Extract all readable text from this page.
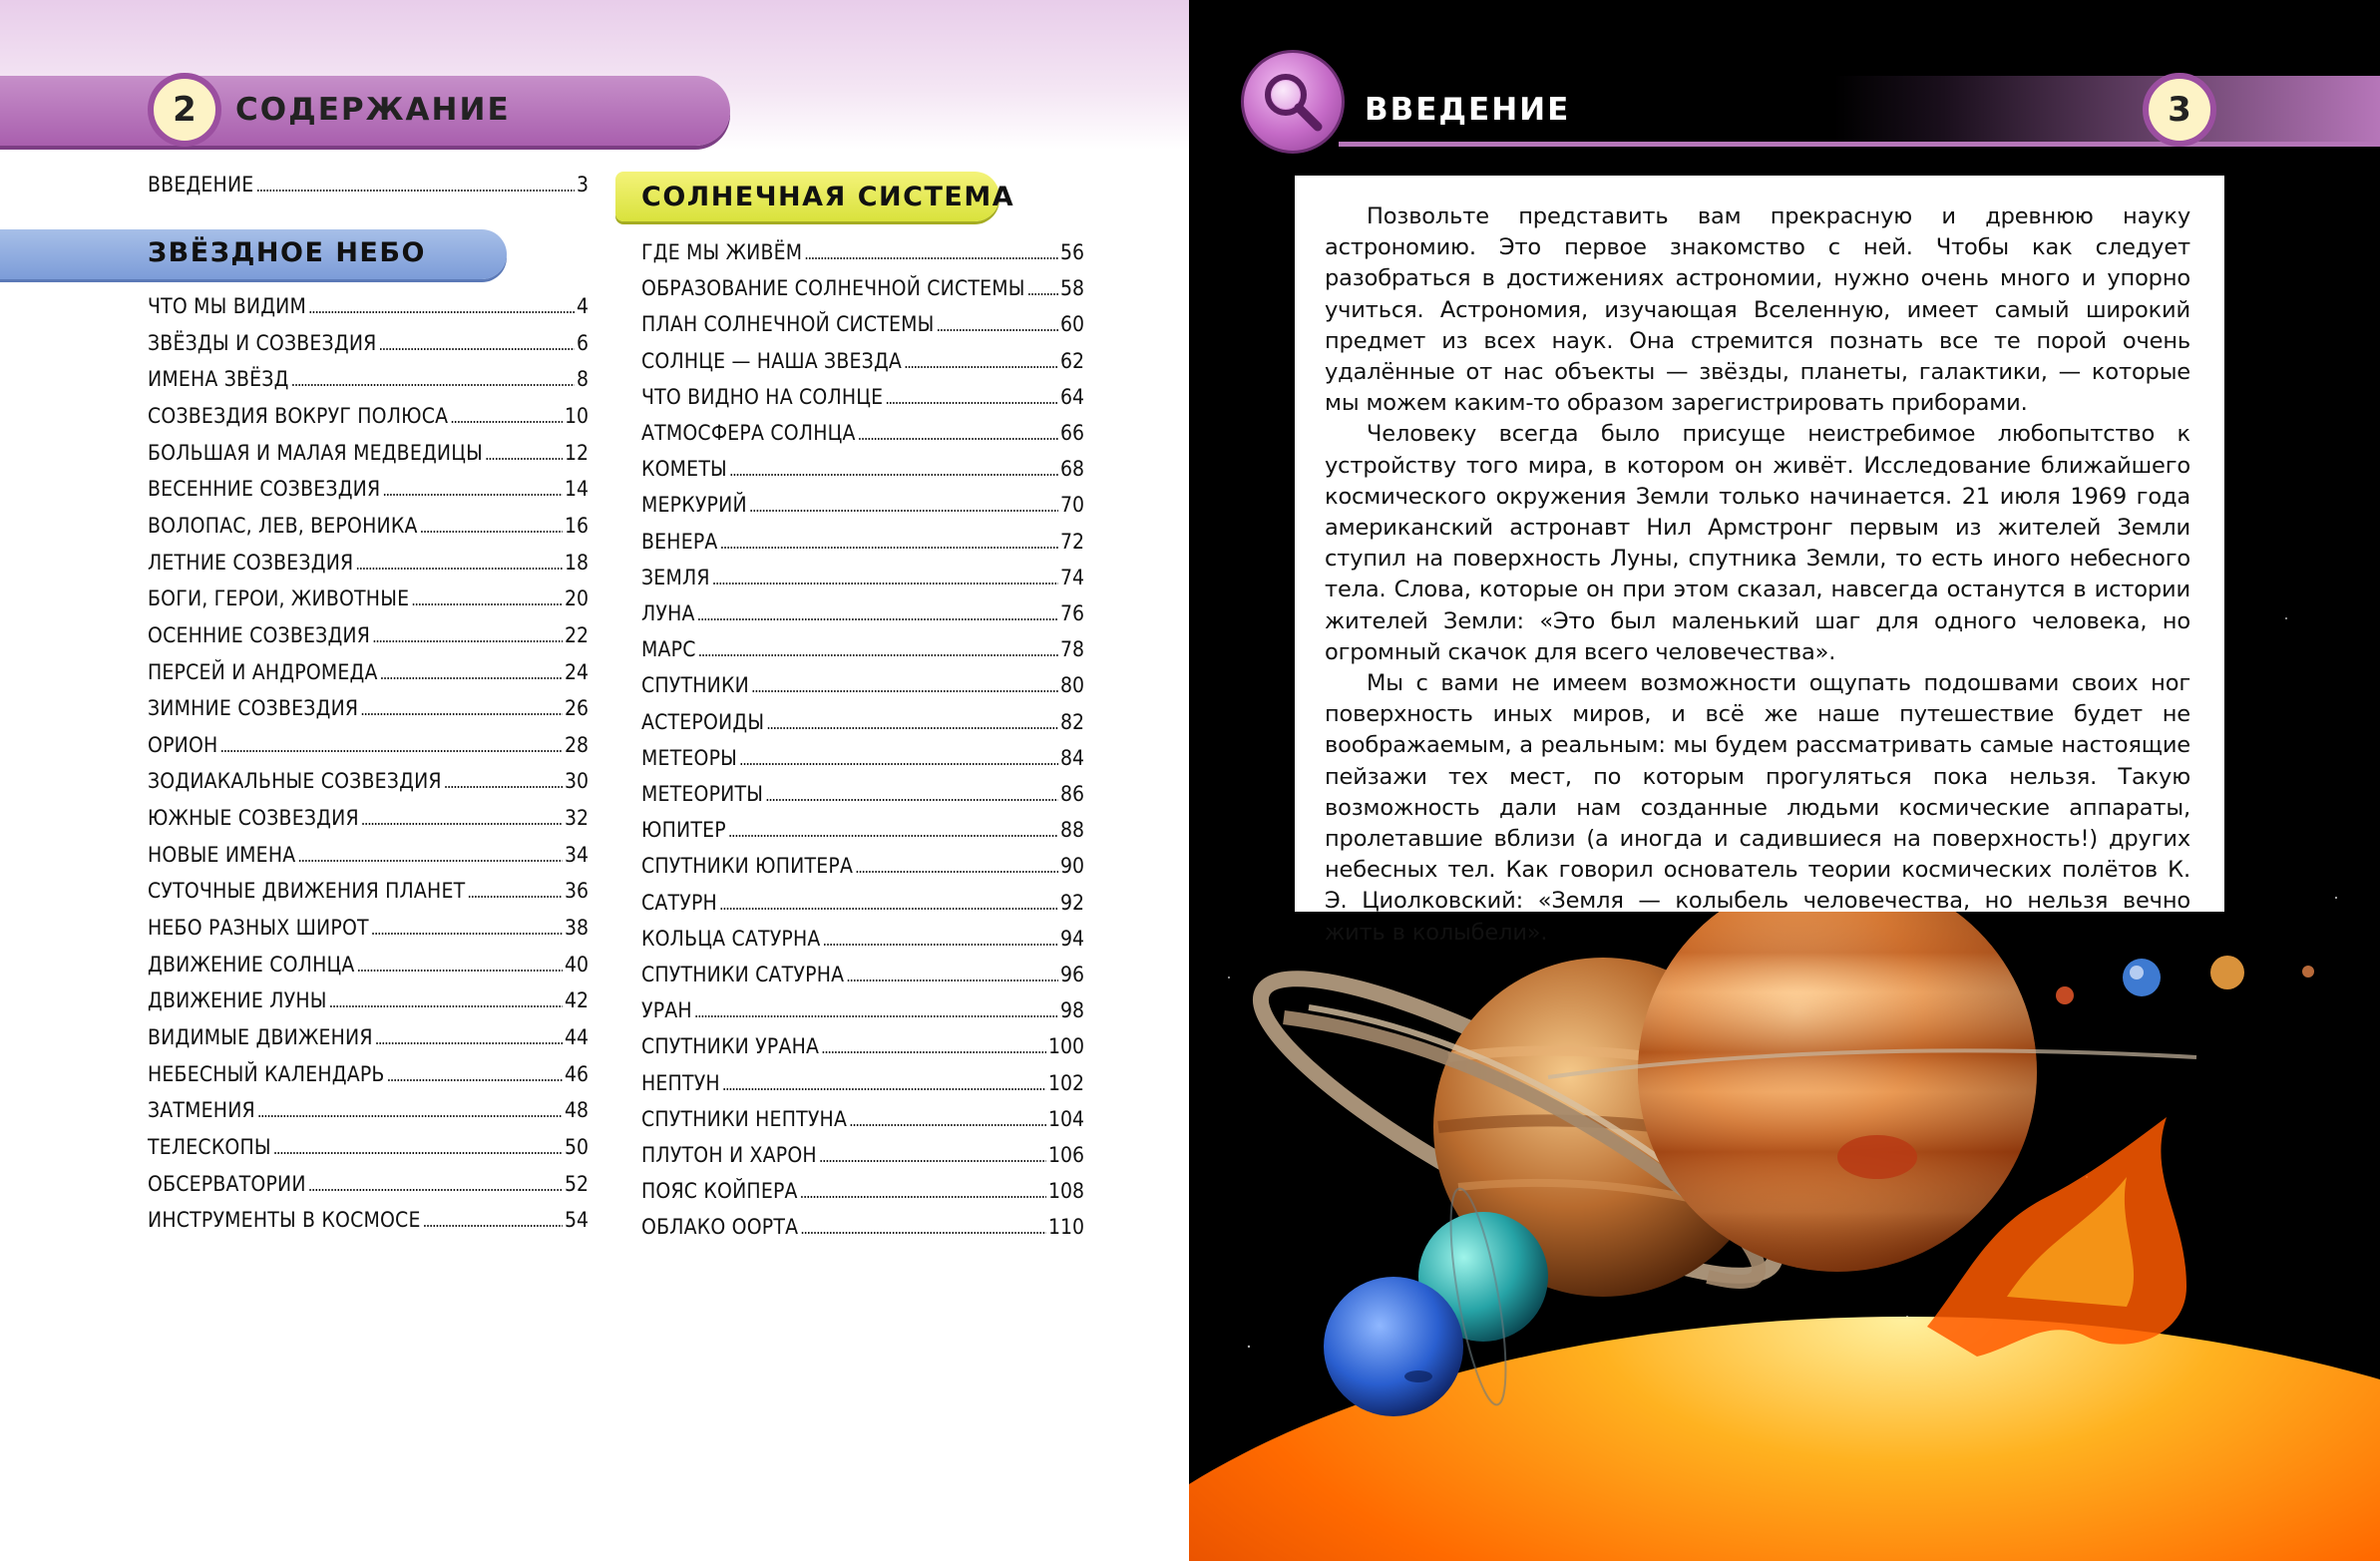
2	СОДЕРЖАНИЕ
ВВЕДЕНИЕ . . .	3
ЗВЁЗДНОЕ НЕБО
СОЛНЕЧНАЯ СИСТЕМА
ЧТО МЫ ВИДИМ . . .	4
ЗВЁЗДЫ И СОЗВЕЗДИЯ . . .	6
ИМЕНА ЗВЁЗД . . .	8
СОЗВЕЗДИЯ ВОКРУГ ПОЛЮСА . . .	10
БОЛЬШАЯ И МАЛАЯ МЕДВЕДИЦЫ . . .	12
ВЕСЕННИЕ СОЗВЕЗДИЯ . . .	14
ВОЛОПАС, ЛЕВ, ВЕРОНИКА . . .	16
ЛЕТНИЕ СОЗВЕЗДИЯ . . .	18
БОГИ, ГЕРОИ, ЖИВОТНЫЕ . . .	20
ОСЕННИЕ СОЗВЕЗДИЯ . . .	22
ПЕРСЕЙ И АНДРОМЕДА . . .	24
ЗИМНИЕ СОЗВЕЗДИЯ . . .	26
ОРИОН . . .	28
ЗОДИАКАЛЬНЫЕ СОЗВЕЗДИЯ . . .	30
ЮЖНЫЕ СОЗВЕЗДИЯ . . .	32
НОВЫЕ ИМЕНА . . .	34
СУТОЧНЫЕ ДВИЖЕНИЯ ПЛАНЕТ . . .	36
НЕБО РАЗНЫХ ШИРОТ . . .	38
ДВИЖЕНИЕ СОЛНЦА . . .	40
ДВИЖЕНИЕ ЛУНЫ . . .	42
ВИДИМЫЕ ДВИЖЕНИЯ . . .	44
НЕБЕСНЫЙ КАЛЕНДАРЬ . . .	46
ЗАТМЕНИЯ . . .	48
ТЕЛЕСКОПЫ . . .	50
ОБСЕРВАТОРИИ . . .	52
ИНСТРУМЕНТЫ В КОСМОСЕ . . .	54
ГДЕ МЫ ЖИВЁМ . . .	56
ОБРАЗОВАНИЕ СОЛНЕЧНОЙ СИСТЕМЫ . . . 58
ПЛАН СОЛНЕЧНОЙ СИСТЕМЫ . . .	60
СОЛНЦЕ — НАША ЗВЕЗДА . . .	62
ЧТО ВИДНО НА СОЛНЦЕ . . .	64
АТМОСФЕРА СОЛНЦА . . .	66
КОМЕТЫ . . .	68
МЕРКУРИЙ . . .	70
ВЕНЕРА . . .	72
ЗЕМЛЯ . . .	74
ЛУНА . . .	76
МАРС . . .	78
СПУТНИКИ . . .	80
АСТЕРОИДЫ . . .	82
МЕТЕОРЫ . . .	84
МЕТЕОРИТЫ . . .	86
ЮПИТЕР . . .	88
СПУТНИКИ ЮПИТЕРА . . .	90
САТУРН . . .	92
КОЛЬЦА САТУРНА . . .	94
СПУТНИКИ САТУРНА . . .	96
УРАН . . .	98
СПУТНИКИ УРАНА . . .	100
НЕПТУН . . .	102
СПУТНИКИ НЕПТУНА . . .	104
ПЛУТОН И ХАРОН . . .	106
ПОЯС КОЙПЕРА . . .	108
ОБЛАКО ООРТА . . .	110
ВВЕДЕНИЕ	3

Позвольте представить вам прекрасную и древнюю науку астрономию. Это первое знакомство с ней. Чтобы как следует разобраться в достижениях астрономии, нужно очень много и упорно учиться. Астрономия, изучающая Вселенную, имеет самый широкий предмет из всех наук. Она стремится познать все те порой очень удалённые от нас объекты — звёзды, планеты, галактики, — которые мы можем каким-то образом зарегистрировать приборами.

Человеку всегда было присуще неистребимое любопытство к устройству того мира, в котором он живёт. Исследование ближайшего космического окружения Земли только начинается. 21 июля 1969 года американский астронавт Нил Армстронг первым из жителей Земли ступил на поверхность Луны, спутника Земли, то есть иного небесного тела. Слова, которые он при этом сказал, навсегда останутся в истории жителей Земли: «Это был маленький шаг для одного человека, но огромный скачок для всего человечества».

Мы с вами не имеем возможности ощупать подошвами своих ног поверхность иных миров, и всё же наше путешествие будет не воображаемым, а реальным: мы будем рассматривать самые настоящие пейзажи тех мест, по которым прогуляться пока нельзя. Такую возможность дали нам созданные людьми космические аппараты, пролетавшие вблизи (а иногда и садившиеся на поверхность!) других небесных тел. Как говорил основатель теории космических полётов К. Э. Циолковский: «Земля — колыбель человечества, но нельзя вечно жить в колыбели».
